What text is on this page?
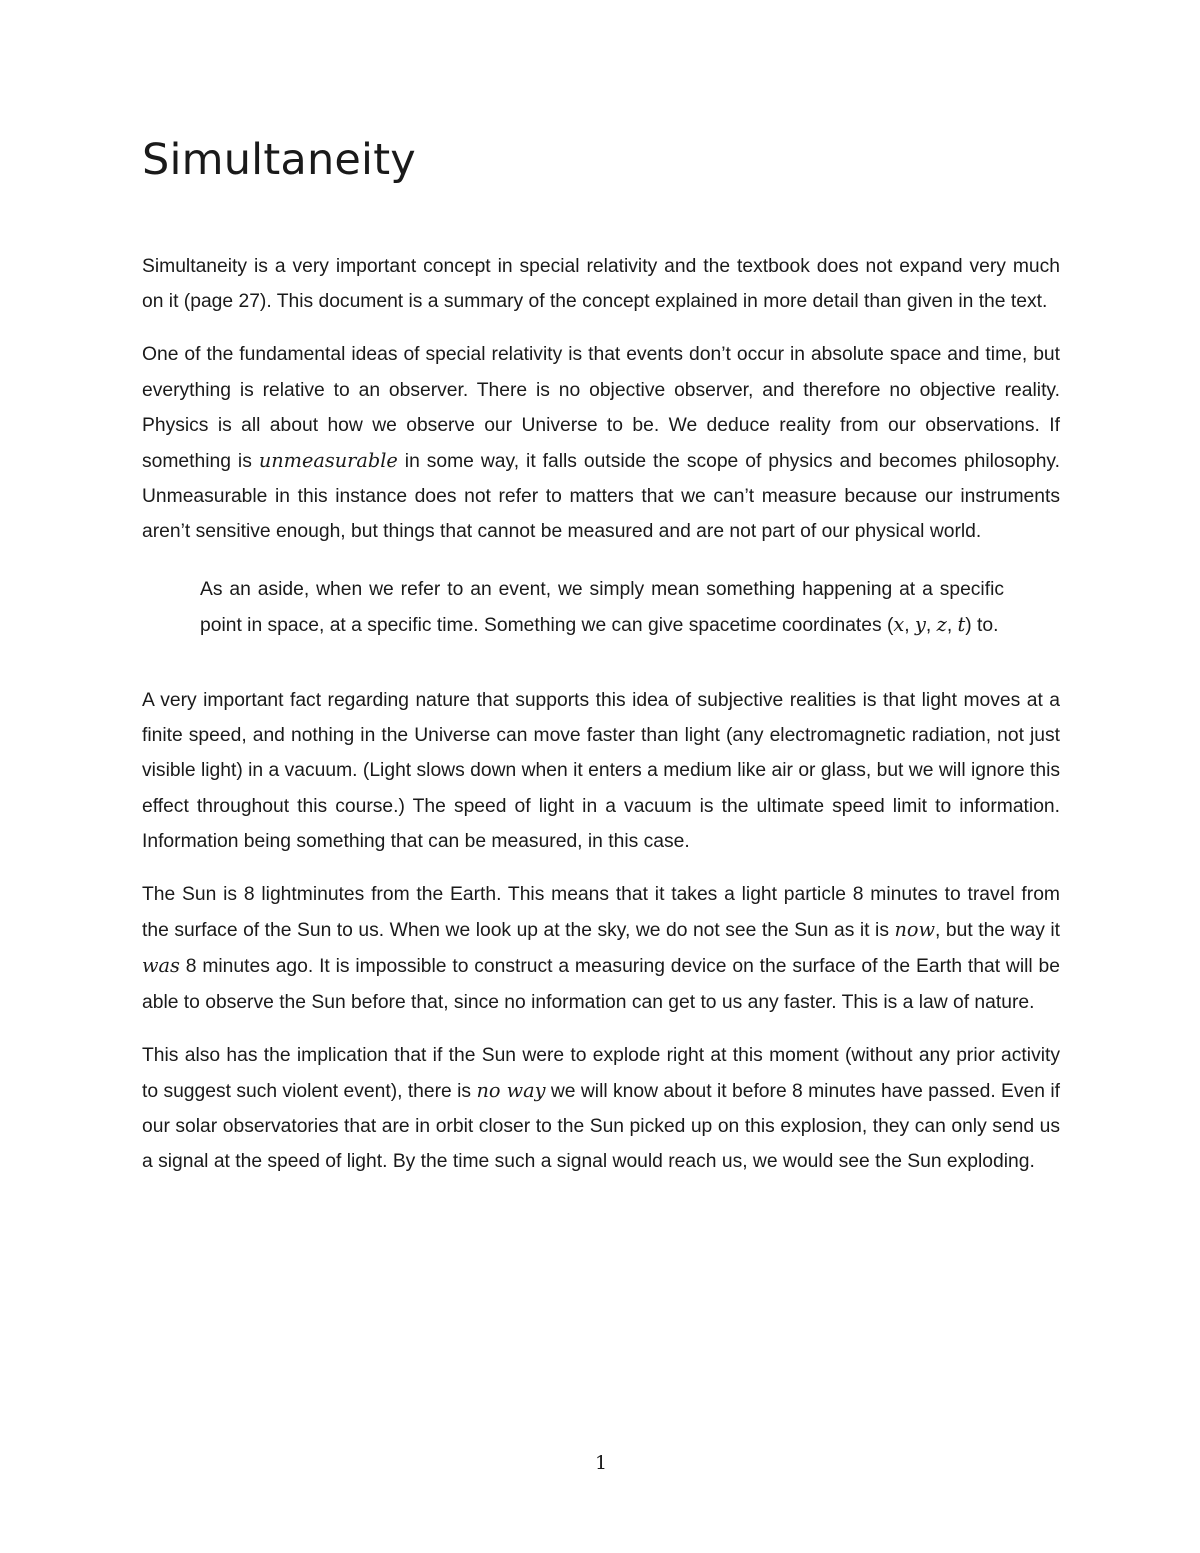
Simultaneity

Simultaneity is a very important concept in special relativity and the textbook does not expand very much on it (page 27). This document is a summary of the concept explained in more detail than given in the text.

One of the fundamental ideas of special relativity is that events don’t occur in absolute space and time, but everything is relative to an observer. There is no objective observer, and therefore no objective reality. Physics is all about how we observe our Universe to be. We deduce reality from our observations. If something is unmeasurable in some way, it falls outside the scope of physics and becomes philosophy. Unmeasurable in this instance does not refer to matters that we can’t measure because our instruments aren’t sensitive enough, but things that cannot be measured and are not part of our physical world.

As an aside, when we refer to an event, we simply mean something happening at a specific point in space, at a specific time. Something we can give spacetime coordinates (x, y, z, t) to.

A very important fact regarding nature that supports this idea of subjective realities is that light moves at a finite speed, and nothing in the Universe can move faster than light (any electromagnetic radiation, not just visible light) in a vacuum. (Light slows down when it enters a medium like air or glass, but we will ignore this effect throughout this course.) The speed of light in a vacuum is the ultimate speed limit to information. Information being something that can be measured, in this case.

The Sun is 8 lightminutes from the Earth. This means that it takes a light particle 8 minutes to travel from the surface of the Sun to us. When we look up at the sky, we do not see the Sun as it is now, but the way it was 8 minutes ago. It is impossible to construct a measuring device on the surface of the Earth that will be able to observe the Sun before that, since no information can get to us any faster. This is a law of nature.

This also has the implication that if the Sun were to explode right at this moment (without any prior activity to suggest such violent event), there is no way we will know about it before 8 minutes have passed. Even if our solar observatories that are in orbit closer to the Sun picked up on this explosion, they can only send us a signal at the speed of light. By the time such a signal would reach us, we would see the Sun exploding.

1
